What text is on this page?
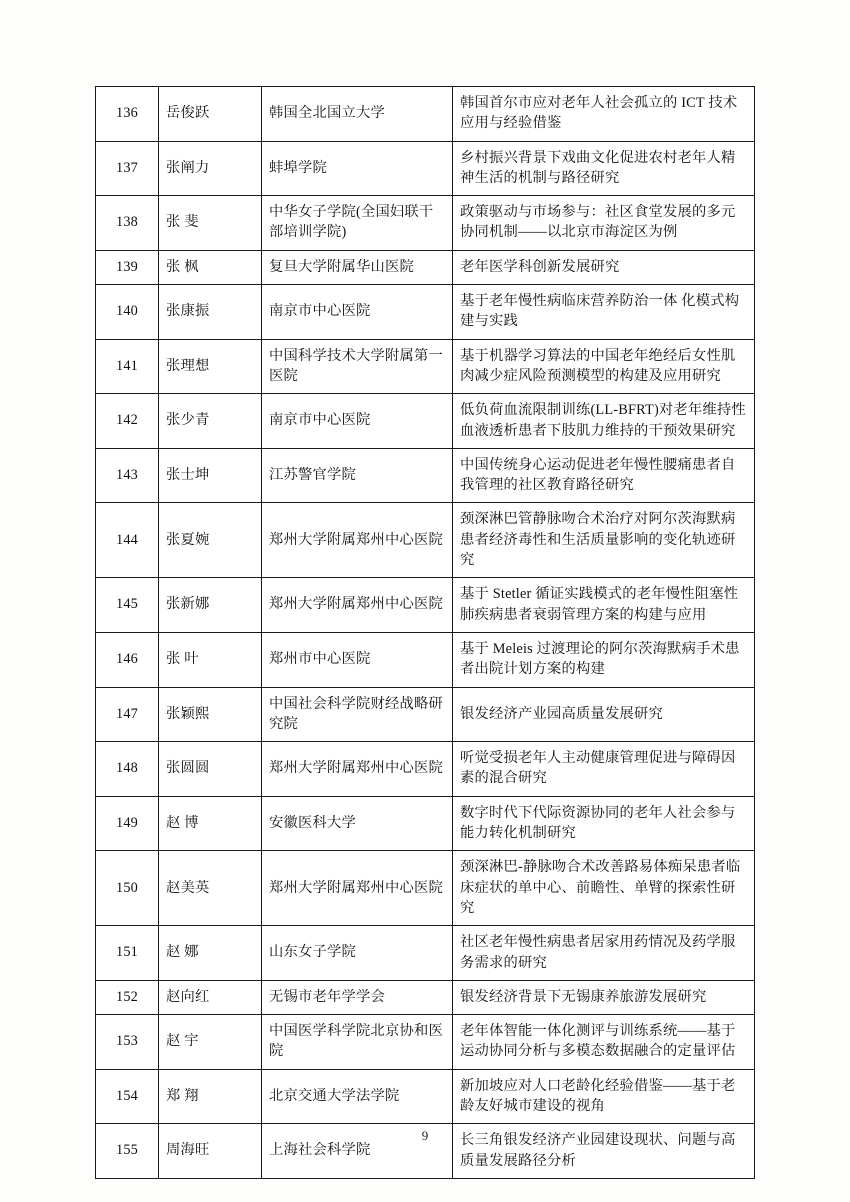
136	岳俊跃	韩国全北国立大学	韩国首尔市应对老年人社会孤立的 ICT 技术应用与经验借鉴
137	张阐力	蚌埠学院	乡村振兴背景下戏曲文化促进农村老年人精神生活的机制与路径研究
138	张 斐	中华女子学院(全国妇联干部培训学院)	政策驱动与市场参与：社区食堂发展的多元协同机制——以北京市海淀区为例
139	张 枫	复旦大学附属华山医院	老年医学科创新发展研究
140	张康振	南京市中心医院	基于老年慢性病临床营养防治一体 化模式构建与实践
141	张理想	中国科学技术大学附属第一医院	基于机器学习算法的中国老年绝经后女性肌肉减少症风险预测模型的构建及应用研究
142	张少青	南京市中心医院	低负荷血流限制训练(LL-BFRT)对老年维持性血液透析患者下肢肌力维持的干预效果研究
143	张士坤	江苏警官学院	中国传统身心运动促进老年慢性腰痛患者自我管理的社区教育路径研究
144	张夏婉	郑州大学附属郑州中心医院	颈深淋巴管静脉吻合术治疗对阿尔茨海默病患者经济毒性和生活质量影响的变化轨迹研究
145	张新娜	郑州大学附属郑州中心医院	基于 Stetler 循证实践模式的老年慢性阻塞性肺疾病患者衰弱管理方案的构建与应用
146	张 叶	郑州市中心医院	基于 Meleis 过渡理论的阿尔茨海默病手术患者出院计划方案的构建
147	张颖熙	中国社会科学院财经战略研究院	银发经济产业园高质量发展研究
148	张圆圆	郑州大学附属郑州中心医院	听觉受损老年人主动健康管理促进与障碍因素的混合研究
149	赵 博	安徽医科大学	数字时代下代际资源协同的老年人社会参与能力转化机制研究
150	赵美英	郑州大学附属郑州中心医院	颈深淋巴-静脉吻合术改善路易体痴呆患者临床症状的单中心、前瞻性、单臂的探索性研究
151	赵 娜	山东女子学院	社区老年慢性病患者居家用药情况及药学服务需求的研究
152	赵向红	无锡市老年学学会	银发经济背景下无锡康养旅游发展研究
153	赵 宇	中国医学科学院北京协和医院	老年体智能一体化测评与训练系统——基于运动协同分析与多模态数据融合的定量评估
154	郑 翔	北京交通大学法学院	新加坡应对人口老龄化经验借鉴——基于老龄友好城市建设的视角
155	周海旺	上海社会科学院	长三角银发经济产业园建设现状、问题与高质量发展路径分析
9
